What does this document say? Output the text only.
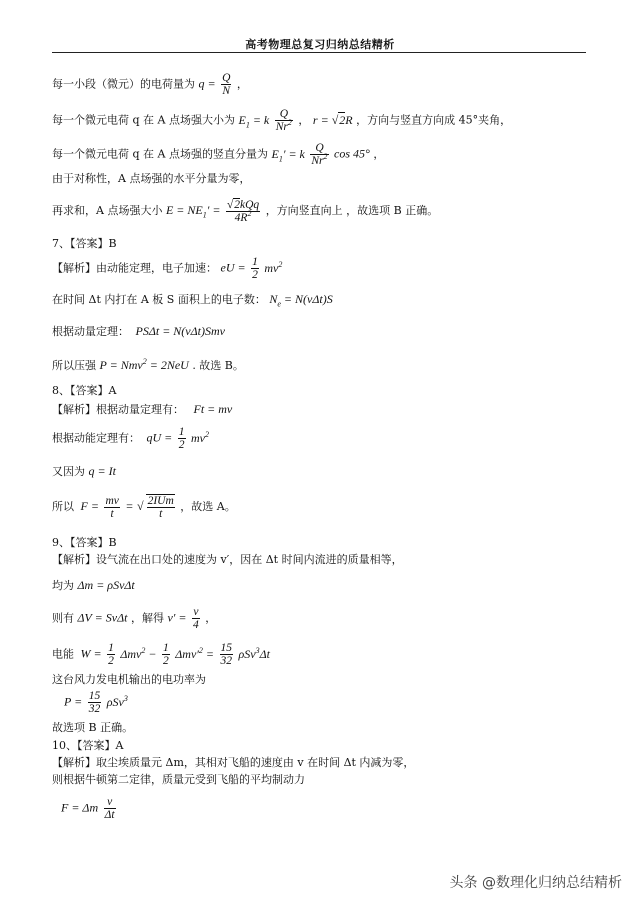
高考物理总复习归纳总结精析
每一小段（微元）的电荷量为 $q = \frac{Q}{N}$ ，
每一个微元电荷 q 在 A 点场强大小为 $E_1 = k \frac{Q}{Nr^2}$ ， r = √2R ，方向与竖直方向成 45°夹角，
每一个微元电荷 q 在 A 点场强的竖直分量为 $E_1' = k \frac{Q}{Nr^2}$ cos 45° ，
由于对称性，A 点场强的水平分量为零，
再求和，A 点场强大小 $E = NE_1' = \frac{\text{√2kQq}}{4R^2}$ ，方向竖直向上 ，故选项 B 正确。
7、【答案】B
【解析】由动能定理，电子加速： eU = $\frac{1}{2} mv^2$
在时间 Δt 内打在 A 板 S 面积上的电子数： $N_e = N(v\Delta t)S$
根据动量定理：  PSΔt = N(vΔt)Smv
所以压强 P = Nmv$^2$ = 2NeU . 故选 B。
8、【答案】A
【解析】根据动量定理有：   Ft = mv
根据动能定理有：  qU = $\frac{1}{2} mv^2$
又因为 q = It
所以  $F = \frac{mv}{t}$ = √ $\frac{\text{2IUm}}{t}$ ，故选 A。
9、【答案】B
【解析】设气流在出口处的速度为 v′，因在 Δt 时间内流进的质量相等，
均为 Δm = ρSvΔt
则有 ΔV = SvΔt ，解得 $v' = \frac{v}{4}$ ，
电能  $W = \frac{1}{2} \Delta mv^2 - \frac{1}{2} \Delta mv'^2 = \frac{15}{32} \rho Sv^3\Delta t$
这台风力发电机输出的电功率为
$P = \frac{15}{32} \rho Sv^3$
故选项 B 正确。
10、【答案】A
【解析】取尘埃质量元 Δm，其相对飞船的速度由 v 在时间 Δt 内减为零，
则根据牛顿第二定律，质量元受到飞船的平均制动力
F = Δm $\frac{v}{\Delta t}$
头条 @数理化归纳总结精析
